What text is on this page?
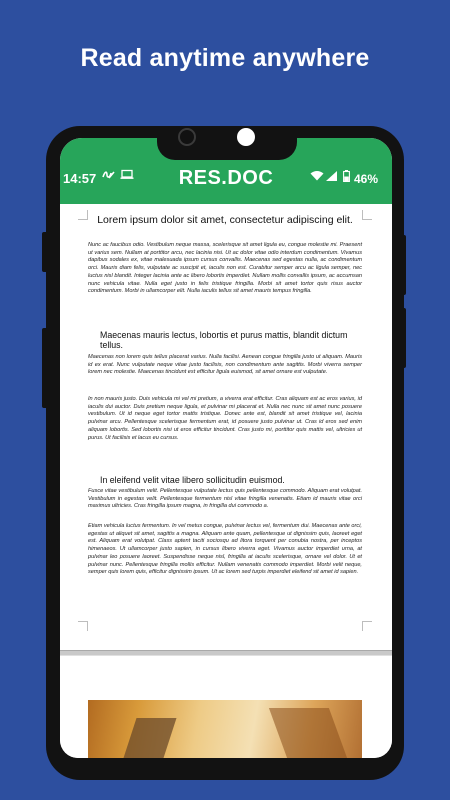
Read anytime anywhere
14:57	RES.DOC	46%
Lorem ipsum dolor sit amet, consectetur adipiscing elit.

Nunc ac faucibus odio. Vestibulum neque massa, scelerisque sit amet ligula eu, congue molestie mi. Praesent ut varius sem. Nullam at porttitor arcu, nec lacinia nisi. Ut ac dolor vitae odio interdum condimentum. Vivamus dapibus sodales ex, vitae malesuada ipsum cursus convallis. Maecenas sed egestas nulla, ac condimentum orci. Mauris diam felis, vulputate ac suscipit et, iaculis non est. Curabitur semper arcu ac ligula semper, nec luctus nisl blandit. Integer lacinia ante ac libero lobortis imperdiet. Nullam mollis convallis ipsum, ac accumsan nunc vehicula vitae. Nulla eget justo in felis tristique fringilla. Morbi sit amet tortor quis risus auctor condimentum. Morbi in ullamcorper elit. Nulla iaculis tellus sit amet mauris tempus fringilla.

Maecenas mauris lectus, lobortis et purus mattis, blandit dictum tellus.

Maecenas non lorem quis tellus placerat varius. Nulla facilisi. Aenean congue fringilla justo ut aliquam. Mauris id ex erat. Nunc vulputate neque vitae justo facilisis, non condimentum ante sagittis. Morbi viverra semper lorem nec molestie. Maecenas tincidunt est efficitur ligula euismod, sit amet ornare est vulputate.

In non mauris justo. Duis vehicula mi vel mi pretium, a viverra erat efficitur. Cras aliquam est ac eros varius, id iaculis dui auctor. Duis pretium neque ligula, et pulvinar mi placerat et. Nulla nec nunc sit amet nunc posuere vestibulum. Ut id neque eget tortor mattis tristique. Donec ante est, blandit sit amet tristique vel, lacinia pulvinar arcu. Pellentesque scelerisque fermentum erat, id posuere justo pulvinar ut. Cras id eros sed enim aliquam lobortis. Sed lobortis nisi ut eros efficitur tincidunt. Cras justo mi, porttitor quis mattis vel, ultricies ut purus. Ut facilisis et lacus eu cursus.

In eleifend velit vitae libero sollicitudin euismod.

Fusce vitae vestibulum velit. Pellentesque vulputate lectus quis pellentesque commodo. Aliquam erat volutpat. Vestibulum in egestas velit. Pellentesque fermentum nisl vitae fringilla venenatis. Etiam id mauris vitae orci maximus ultricies. Cras fringilla ipsum magna, in fringilla dui commodo a.

Etiam vehicula luctus fermentum. In vel metus congue, pulvinar lectus vel, fermentum dui. Maecenas ante orci, egestas ut aliquet sit amet, sagittis a magna. Aliquam ante quam, pellentesque ut dignissim quis, laoreet eget est. Aliquam erat volutpat. Class aptent taciti sociosqu ad litora torquent per conubia nostra, per inceptos himenaeos. Ut ullamcorper justo sapien, in cursus libero viverra eget. Vivamus auctor imperdiet urna, at pulvinar leo posuere laoreet. Suspendisse neque nisl, fringilla at iaculis scelerisque, ornare vel dolor. Ut et pulvinar nunc. Pellentesque fringilla mollis efficitur. Nullam venenatis commodo imperdiet. Morbi velit neque, semper quis lorem quis, efficitur dignissim ipsum. Ut ac lorem sed turpis imperdiet eleifend sit amet id sapien.
